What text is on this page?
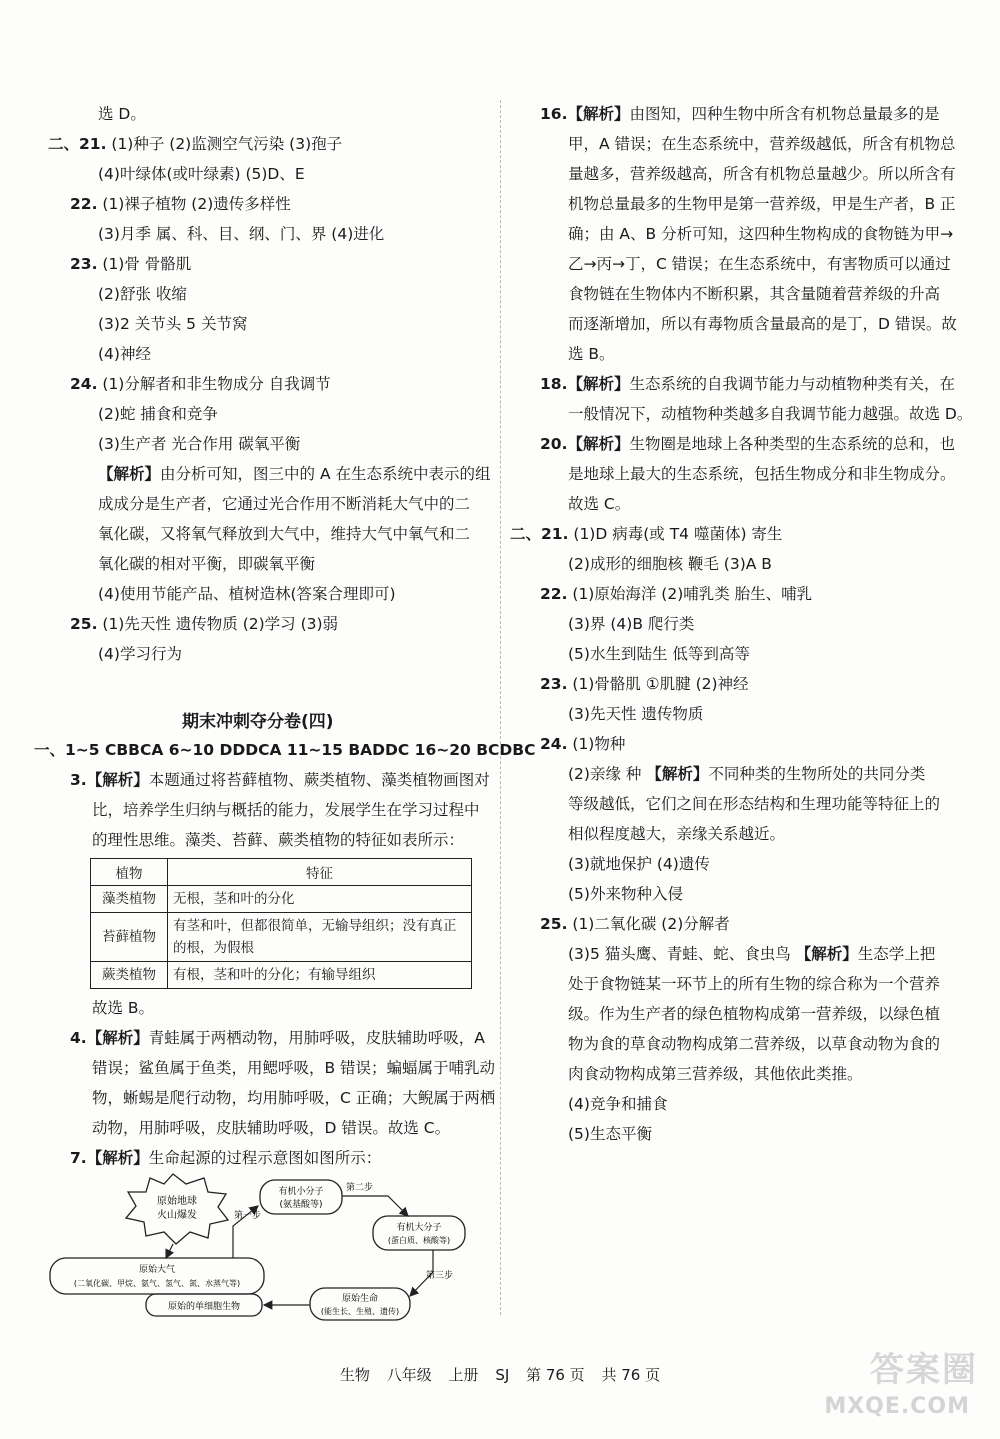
选 D。
二、21. (1)种子 (2)监测空气污染 (3)孢子
(4)叶绿体(或叶绿素) (5)D、E
22. (1)裸子植物 (2)遗传多样性
(3)月季 属、科、目、纲、门、界 (4)进化
23. (1)骨 骨骼肌
(2)舒张 收缩
(3)2 关节头 5 关节窝
(4)神经
24. (1)分解者和非生物成分 自我调节
(2)蛇 捕食和竞争
(3)生产者 光合作用 碳氧平衡
【解析】由分析可知，图三中的 A 在生态系统中表示的组
成成分是生产者，它通过光合作用不断消耗大气中的二
氧化碳，又将氧气释放到大气中，维持大气中氧气和二
氧化碳的相对平衡，即碳氧平衡
(4)使用节能产品、植树造林(答案合理即可)
25. (1)先天性 遗传物质 (2)学习 (3)弱
(4)学习行为
一、1~5 CBBCA 6~10 DDDCA 11~15 BADDC 16~20 BCDBC
3.【解析】本题通过将苔藓植物、蕨类植物、藻类植物画图对
比，培养学生归纳与概括的能力，发展学生在学习过程中
的理性思维。藻类、苔藓、蕨类植物的特征如表所示：
故选 B。
4.【解析】青蛙属于两栖动物，用肺呼吸，皮肤辅助呼吸，A
错误；鲨鱼属于鱼类，用鳃呼吸，B 错误；蝙蝠属于哺乳动
物，蜥蜴是爬行动物，均用肺呼吸，C 正确；大鲵属于两栖
动物，用肺呼吸，皮肤辅助呼吸，D 错误。故选 C。
7.【解析】生命起源的过程示意图如图所示：
16.【解析】由图知，四种生物中所含有机物总量最多的是
甲，A 错误；在生态系统中，营养级越低，所含有机物总
量越多，营养级越高，所含有机物总量越少。所以所含有
机物总量最多的生物甲是第一营养级，甲是生产者，B 正
确；由 A、B 分析可知，这四种生物构成的食物链为甲→
乙→丙→丁，C 错误；在生态系统中，有害物质可以通过
食物链在生物体内不断积累，其含量随着营养级的升高
而逐渐增加，所以有毒物质含量最高的是丁，D 错误。故
选 B。
18.【解析】生态系统的自我调节能力与动植物种类有关，在
一般情况下，动植物种类越多自我调节能力越强。故选 D。
20.【解析】生物圈是地球上各种类型的生态系统的总和，也
是地球上最大的生态系统，包括生物成分和非生物成分。
故选 C。
二、21. (1)D 病毒(或 T4 噬菌体) 寄生
(2)成形的细胞核 鞭毛 (3)A B
22. (1)原始海洋 (2)哺乳类 胎生、哺乳
(3)界 (4)B 爬行类
(5)水生到陆生 低等到高等
23. (1)骨骼肌 ①肌腱 (2)神经
(3)先天性 遗传物质
24. (1)物种
(2)亲缘 种 【解析】不同种类的生物所处的共同分类
等级越低，它们之间在形态结构和生理功能等特征上的
相似程度越大，亲缘关系越近。
(3)就地保护 (4)遗传
(5)外来物种入侵
25. (1)二氧化碳 (2)分解者
(3)5 猫头鹰、青蛙、蛇、食虫鸟 【解析】生态学上把
处于食物链某一环节上的所有生物的综合称为一个营养
级。作为生产者的绿色植物构成第一营养级，以绿色植
物为食的草食动物构成第二营养级，以草食动物为食的
肉食动物构成第三营养级，其他依此类推。
(4)竞争和捕食
(5)生态平衡
期末冲刺夺分卷(四)
植物	特征
藻类植物	无根，茎和叶的分化
苔藓植物	有茎和叶，但都很简单，无输导组织；没有真正的根，为假根
蕨类植物	有根，茎和叶的分化；有输导组织
原始地球
火山爆发
原始大气
(二氧化碳、甲烷、氨气、氢气、氮、水蒸气等)
有机小分子
(氨基酸等)
第一步
有机大分子
(蛋白质、核酸等)
第二步
原始生命
(能生长、生殖、遗传)
第三步
原始的单细胞生物
生物 八年级 上册 SJ 第 76 页 共 76 页	答案圈
MXQE.COM
